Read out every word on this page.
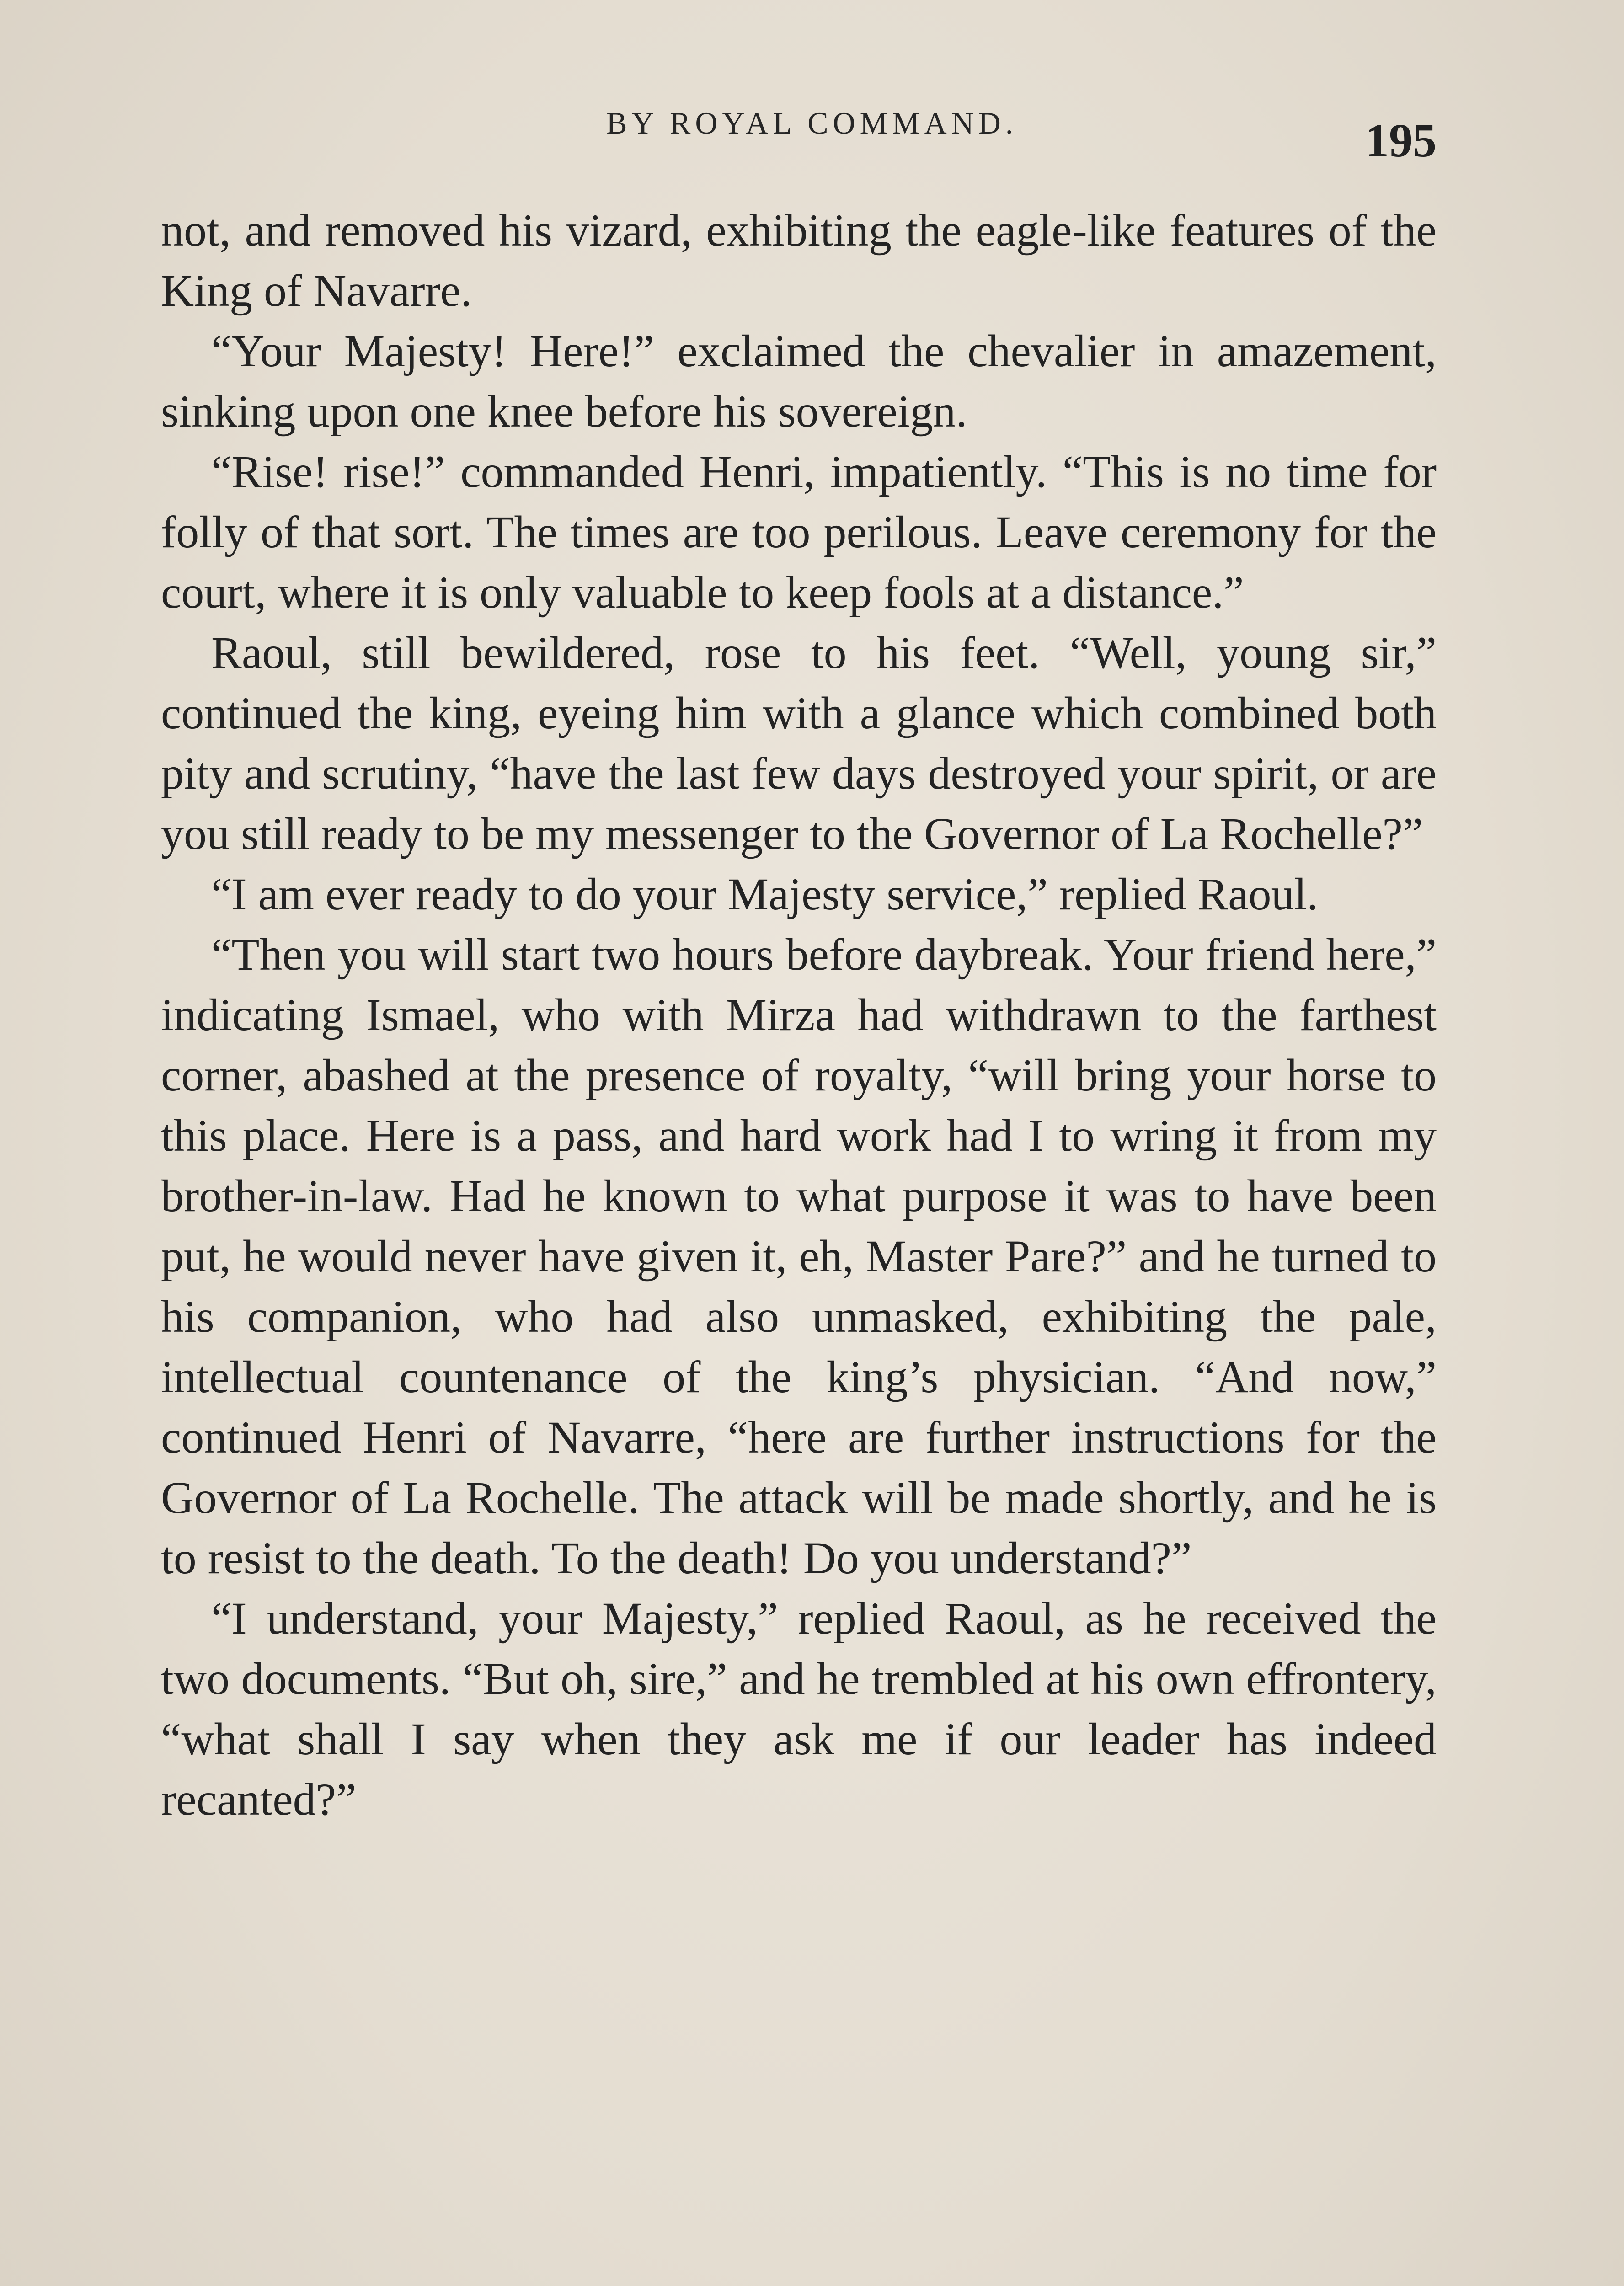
BY ROYAL COMMAND.	195

not, and removed his vizard, exhibiting the eagle-like features of the King of Navarre.

“Your Majesty! Here!” exclaimed the chevalier in amazement, sinking upon one knee before his sovereign.

“Rise! rise!” commanded Henri, impatiently. “This is no time for folly of that sort. The times are too perilous. Leave ceremony for the court, where it is only valuable to keep fools at a distance.”

Raoul, still bewildered, rose to his feet. “Well, young sir,” continued the king, eyeing him with a glance which combined both pity and scrutiny, “have the last few days destroyed your spirit, or are you still ready to be my messenger to the Governor of La Rochelle?”

“I am ever ready to do your Majesty service,” replied Raoul.

“Then you will start two hours before daybreak. Your friend here,” indicating Ismael, who with Mirza had withdrawn to the farthest corner, abashed at the presence of royalty, “will bring your horse to this place. Here is a pass, and hard work had I to wring it from my brother-in-law. Had he known to what purpose it was to have been put, he would never have given it, eh, Master Pare?” and he turned to his companion, who had also unmasked, exhibiting the pale, intellectual countenance of the king’s physician. “And now,” continued Henri of Navarre, “here are further instructions for the Governor of La Rochelle. The attack will be made shortly, and he is to resist to the death. To the death! Do you understand?”

“I understand, your Majesty,” replied Raoul, as he received the two documents. “But oh, sire,” and he trembled at his own effrontery, “what shall I say when they ask me if our leader has indeed recanted?”
